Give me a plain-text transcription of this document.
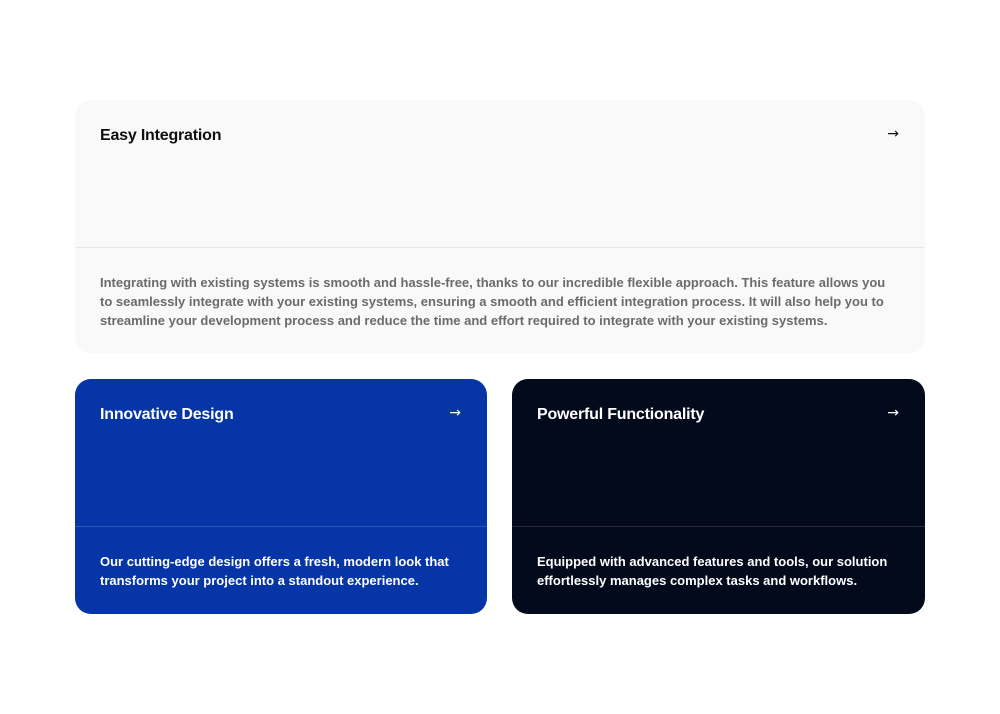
Easy Integration	→

Integrating with existing systems is smooth and hassle-free, thanks to our incredible flexible approach. This feature allows you to seamlessly integrate with your existing systems, ensuring a smooth and efficient integration process. It will also help you to streamline your development process and reduce the time and effort required to integrate with your existing systems.

Innovative Design	→

Our cutting-edge design offers a fresh, modern look that transforms your project into a standout experience.

Powerful Functionality	→

Equipped with advanced features and tools, our solution effortlessly manages complex tasks and workflows.
